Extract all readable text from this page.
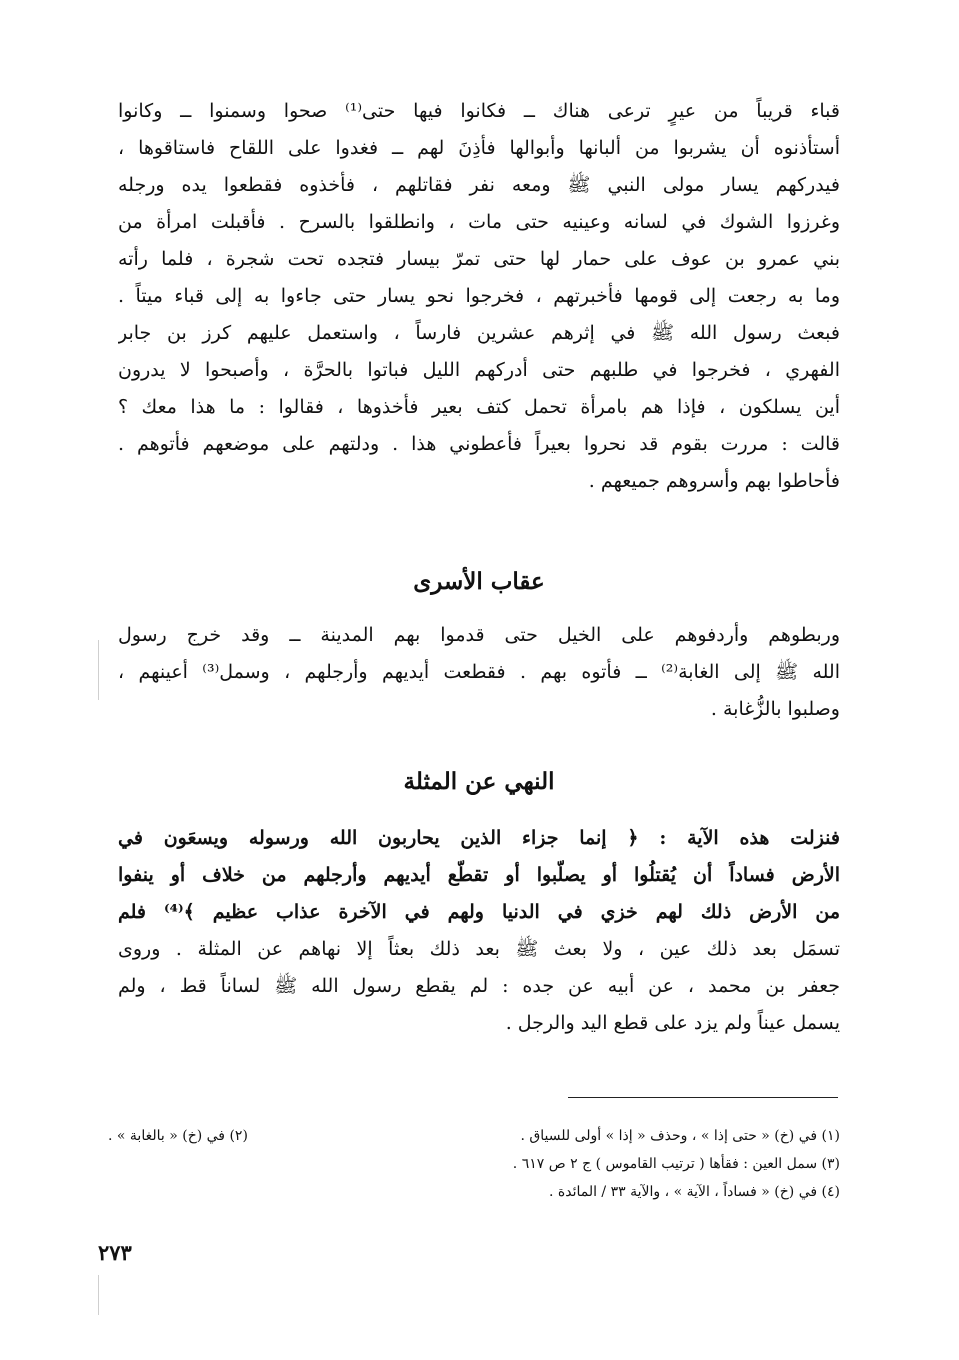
قباء قريباً من عيرٍ ترعى هناك ــ فكانوا فيها حتى⁽¹⁾ صحوا وسمنوا ــ وكانوا
أستأذنوه أن يشربوا من ألبانها وأبوالها فأذِنَ لهم ــ فغدوا على اللقاح فاستاقوها ،
فيدركهم يسار مولى النبي ﷺ ومعه نفر فقاتلهم ، فأخذوه فقطعوا يده ورجله
وغرزوا الشوك في لسانه وعينيه حتى مات ، وانطلقوا بالسرح . فأقبلت امرأة من
بني عمرو بن عوف على حمار لها حتى تمرّ بيسار فتجده تحت شجرة ، فلما رأته
وما به رجعت إلى قومها فأخبرتهم ، فخرجوا نحو يسار حتى جاءوا به إلى قباء ميتاً .
فبعث رسول الله ﷺ في إثرهم عشرين فارساً ، واستعمل عليهم كرز بن جابر
الفهري ، فخرجوا في طلبهم حتى أدركهم الليل فباتوا بالحرَّة ، وأصبحوا لا يدرون
أين يسلكون ، فإذا هم بامرأة تحمل كتف بعير فأخذوها ، فقالوا : ما هذا معك ؟
قالت : مررت بقوم قد نحروا بعيراً فأعطوني هذا . ودلتهم على موضعهم فأتوهم .
فأحاطوا بهم وأسروهم جميعهم .
عقاب الأسرى
وربطوهم وأردفوهم على الخيل حتى قدموا بهم المدينة ــ وقد خرج رسول
الله ﷺ إلى الغابة⁽²⁾ ــ فأتوه بهم . فقطعت أيديهم وأرجلهم ، وسمل⁽³⁾ أعينهم ،
وصلبوا بالزُّغابة .
النهي عن المثلة
فنزلت هذه الآية : ﴿ إنما جزاء الذين يحاربون الله ورسوله ويسعَون في
الأرض فساداً أن يُقتلُوا أو يصلّبوا أو تقطّع أيديهم وأرجلهم من خلاف أو ينفوا
من الأرض ذلك لهم خزي في الدنيا ولهم في الآخرة عذاب عظيم ﴾⁽⁴⁾ فلم
تسمَل بعد ذلك عين ، ولا بعث ﷺ بعد ذلك بعثاً إلا نهاهم عن المثلة . وروى
جعفر بن محمد ، عن أبيه عن جده : لم يقطع رسول الله ﷺ لساناً قط ، ولم
يسمل عيناً ولم يزد على قطع اليد والرجل .
(١) في (خ) « حتى إذا » ، وحذف « إذا » أولى للسياق .
(٢) في (خ) « بالغابة » .
(٣) سمل العين : فقأها ( ترتيب القاموس ) ج ٢ ص ٦١٧ .
(٤) في (خ) « فساداً ، الآية » ، والآية ٣٣ / المائدة .
٢٧٣
